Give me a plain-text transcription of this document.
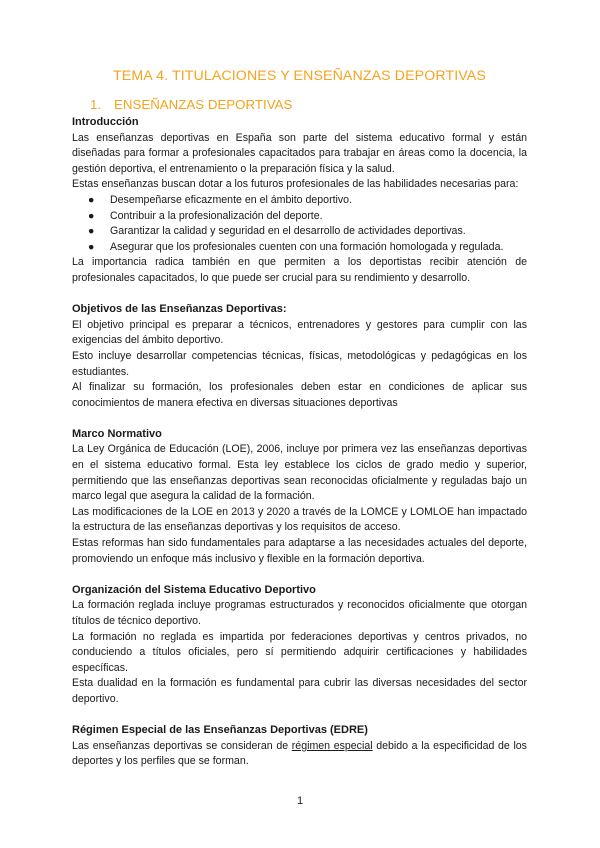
TEMA 4. TITULACIONES Y ENSEÑANZAS DEPORTIVAS
1. ENSEÑANZAS DEPORTIVAS
Introducción

Las enseñanzas deportivas en España son parte del sistema educativo formal y están diseñadas para formar a profesionales capacitados para trabajar en áreas como la docencia, la gestión deportiva, el entrenamiento o la preparación física y la salud.

Estas enseñanzas buscan dotar a los futuros profesionales de las habilidades necesarias para:

● Desempeñarse eficazmente en el ámbito deportivo.
● Contribuir a la profesionalización del deporte.
● Garantizar la calidad y seguridad en el desarrollo de actividades deportivas.
● Asegurar que los profesionales cuenten con una formación homologada y regulada.

La importancia radica también en que permiten a los deportistas recibir atención de profesionales capacitados, lo que puede ser crucial para su rendimiento y desarrollo.

Objetivos de las Enseñanzas Deportivas:

El objetivo principal es preparar a técnicos, entrenadores y gestores para cumplir con las exigencias del ámbito deportivo.

Esto incluye desarrollar competencias técnicas, físicas, metodológicas y pedagógicas en los estudiantes.

Al finalizar su formación, los profesionales deben estar en condiciones de aplicar sus conocimientos de manera efectiva en diversas situaciones deportivas

Marco Normativo

La Ley Orgánica de Educación (LOE), 2006, incluye por primera vez las enseñanzas deportivas en el sistema educativo formal. Esta ley establece los ciclos de grado medio y superior, permitiendo que las enseñanzas deportivas sean reconocidas oficialmente y reguladas bajo un marco legal que asegura la calidad de la formación.

Las modificaciones de la LOE en 2013 y 2020 a través de la LOMCE y LOMLOE han impactado la estructura de las enseñanzas deportivas y los requisitos de acceso.

Estas reformas han sido fundamentales para adaptarse a las necesidades actuales del deporte, promoviendo un enfoque más inclusivo y flexible en la formación deportiva.

Organización del Sistema Educativo Deportivo

La formación reglada incluye programas estructurados y reconocidos oficialmente que otorgan títulos de técnico deportivo.

La formación no reglada es impartida por federaciones deportivas y centros privados, no conduciendo a títulos oficiales, pero sí permitiendo adquirir certificaciones y habilidades específicas.

Esta dualidad en la formación es fundamental para cubrir las diversas necesidades del sector deportivo.

Régimen Especial de las Enseñanzas Deportivas (EDRE)

Las enseñanzas deportivas se consideran de régimen especial debido a la especificidad de los deportes y los perfiles que se forman.

1
